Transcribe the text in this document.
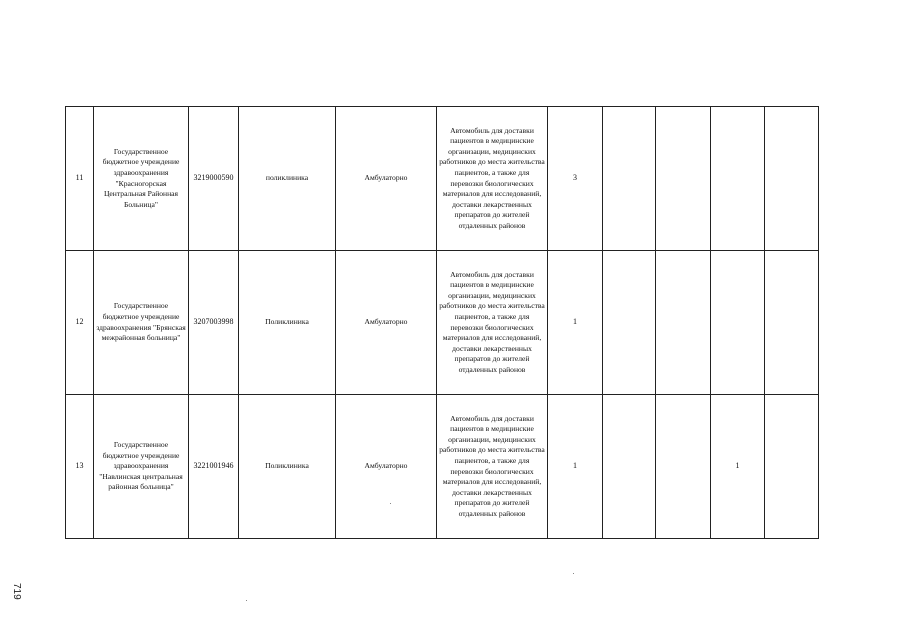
11	Государственное бюджетное учреждение здравоохранения "Красногорская Центральная Районная Больница"	3219000590	поликлиника	Амбулаторно	Автомобиль для доставки пациентов в медицинские организации, медицинских работников до места жительства пациентов, а также для перевозки биологических материалов для исследований, доставки лекарственных препаратов до жителей отдаленных районов	3				
12	Государственное бюджетное учреждение здравоохранения "Брянская межрайонная больница"	3207003998	Поликлиника	Амбулаторно	Автомобиль для доставки пациентов в медицинские организации, медицинских работников до места жительства пациентов, а также для перевозки биологических материалов для исследований, доставки лекарственных препаратов до жителей отдаленных районов	1				
13	Государственное бюджетное учреждение здравоохранения "Навлинская центральная районная больница"	3221001946	Поликлиника	Амбулаторно	Автомобиль для доставки пациентов в медицинские организации, медицинских работников до места жительства пациентов, а также для перевозки биологических материалов для исследований, доставки лекарственных препаратов до жителей отдаленных районов	1			1	
719
